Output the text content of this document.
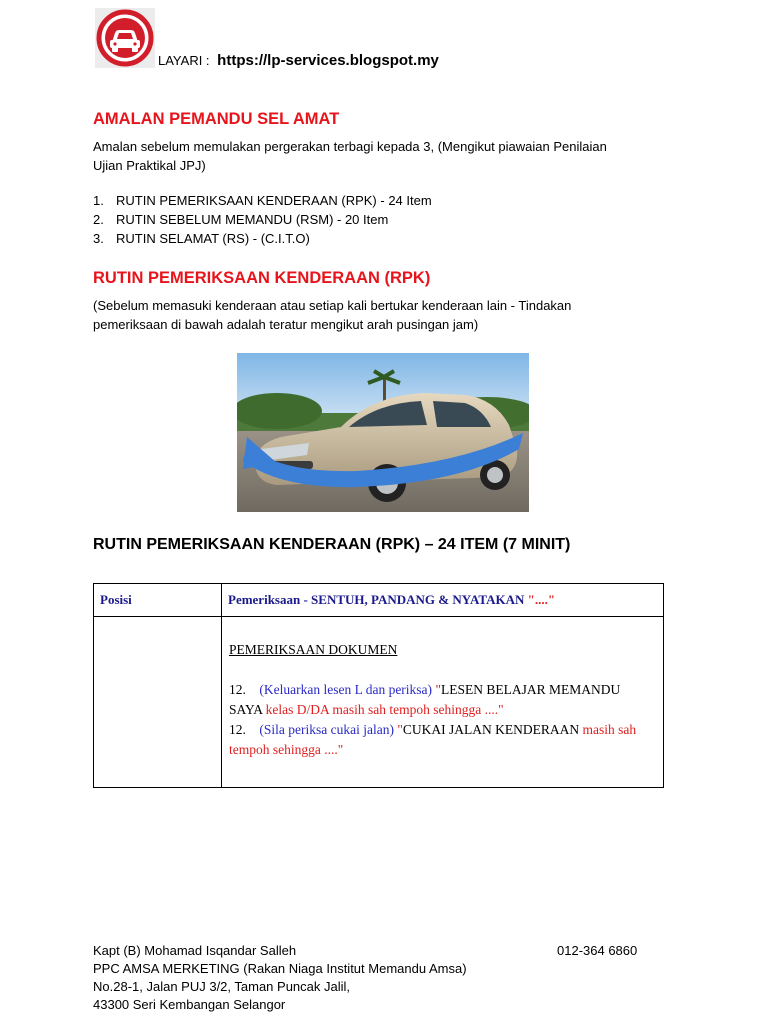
LAYARI : https://lp-services.blogspot.my
AMALAN PEMANDU SEL AMAT
Amalan sebelum memulakan pergerakan terbagi kepada 3, (Mengikut piawaian Penilaian
Ujian Praktikal JPJ)
1. RUTIN PEMERIKSAAN KENDERAAN (RPK) - 24 Item
2. RUTIN SEBELUM MEMANDU (RSM) - 20 Item
3. RUTIN SELAMAT (RS) - (C.I.T.O)
RUTIN PEMERIKSAAN KENDERAAN (RPK)
(Sebelum memasuki kenderaan atau setiap kali bertukar kenderaan lain - Tindakan
pemeriksaan di bawah adalah teratur mengikut arah pusingan jam)
RUTIN PEMERIKSAAN KENDERAAN (RPK) – 24 ITEM (7 MINIT)
Posisi	Pemeriksaan - SENTUH, PANDANG & NYATAKAN "...."

	PEMERIKSAAN DOKUMEN
12. (Keluarkan lesen L dan periksa) "LESEN BELAJAR MEMANDU SAYA kelas D/DA masih sah tempoh sehingga ...."
12. (Sila periksa cukai jalan) "CUKAI JALAN KENDERAAN masih sah tempoh sehingga ...."
Kapt (B) Mohamad Isqandar Salleh	012-364 6860
PPC AMSA MERKETING (Rakan Niaga Institut Memandu Amsa)
No.28-1, Jalan PUJ 3/2, Taman Puncak Jalil,
43300 Seri Kembangan Selangor
